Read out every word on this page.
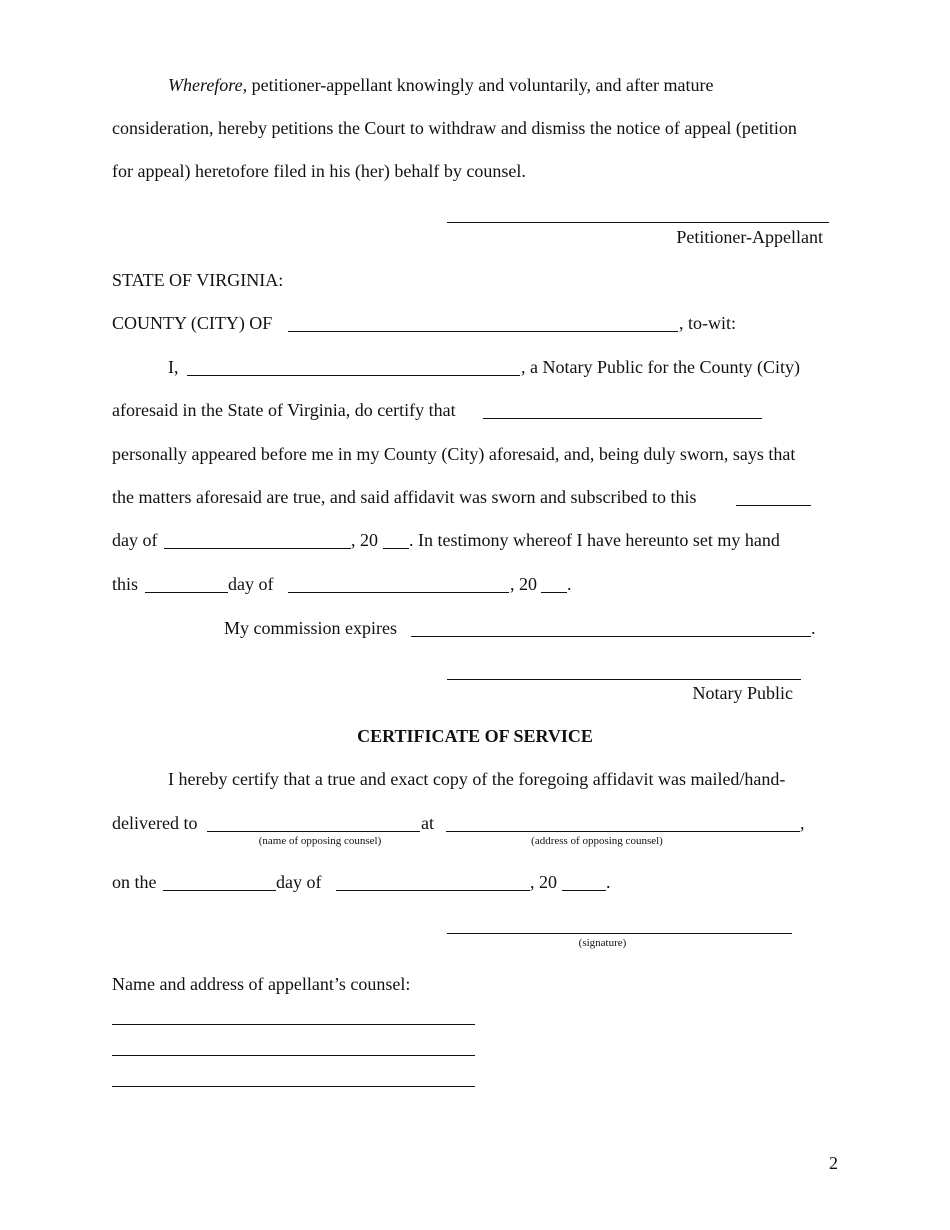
Wherefore, petitioner-appellant knowingly and voluntarily, and after mature
consideration, hereby petitions the Court to withdraw and dismiss the notice of appeal (petition
for appeal) heretofore filed in his (her) behalf by counsel.
Petitioner-Appellant
STATE OF VIRGINIA:
COUNTY (CITY) OF	, to-wit:
I,	, a Notary Public for the County (City)
aforesaid in the State of Virginia, do certify that
personally appeared before me in my County (City) aforesaid, and, being duly sworn, says that
the matters aforesaid are true, and said affidavit was sworn and subscribed to this
day of	, 20 . In testimony whereof I have hereunto set my hand
this	day of	, 20 .
My commission expires	.
Notary Public
CERTIFICATE OF SERVICE
I hereby certify that a true and exact copy of the foregoing affidavit was mailed/hand-
delivered to	at	,
(name of opposing counsel)	(address of opposing counsel)
on the	day of	, 20	.
(signature)
Name and address of appellant’s counsel:
2
